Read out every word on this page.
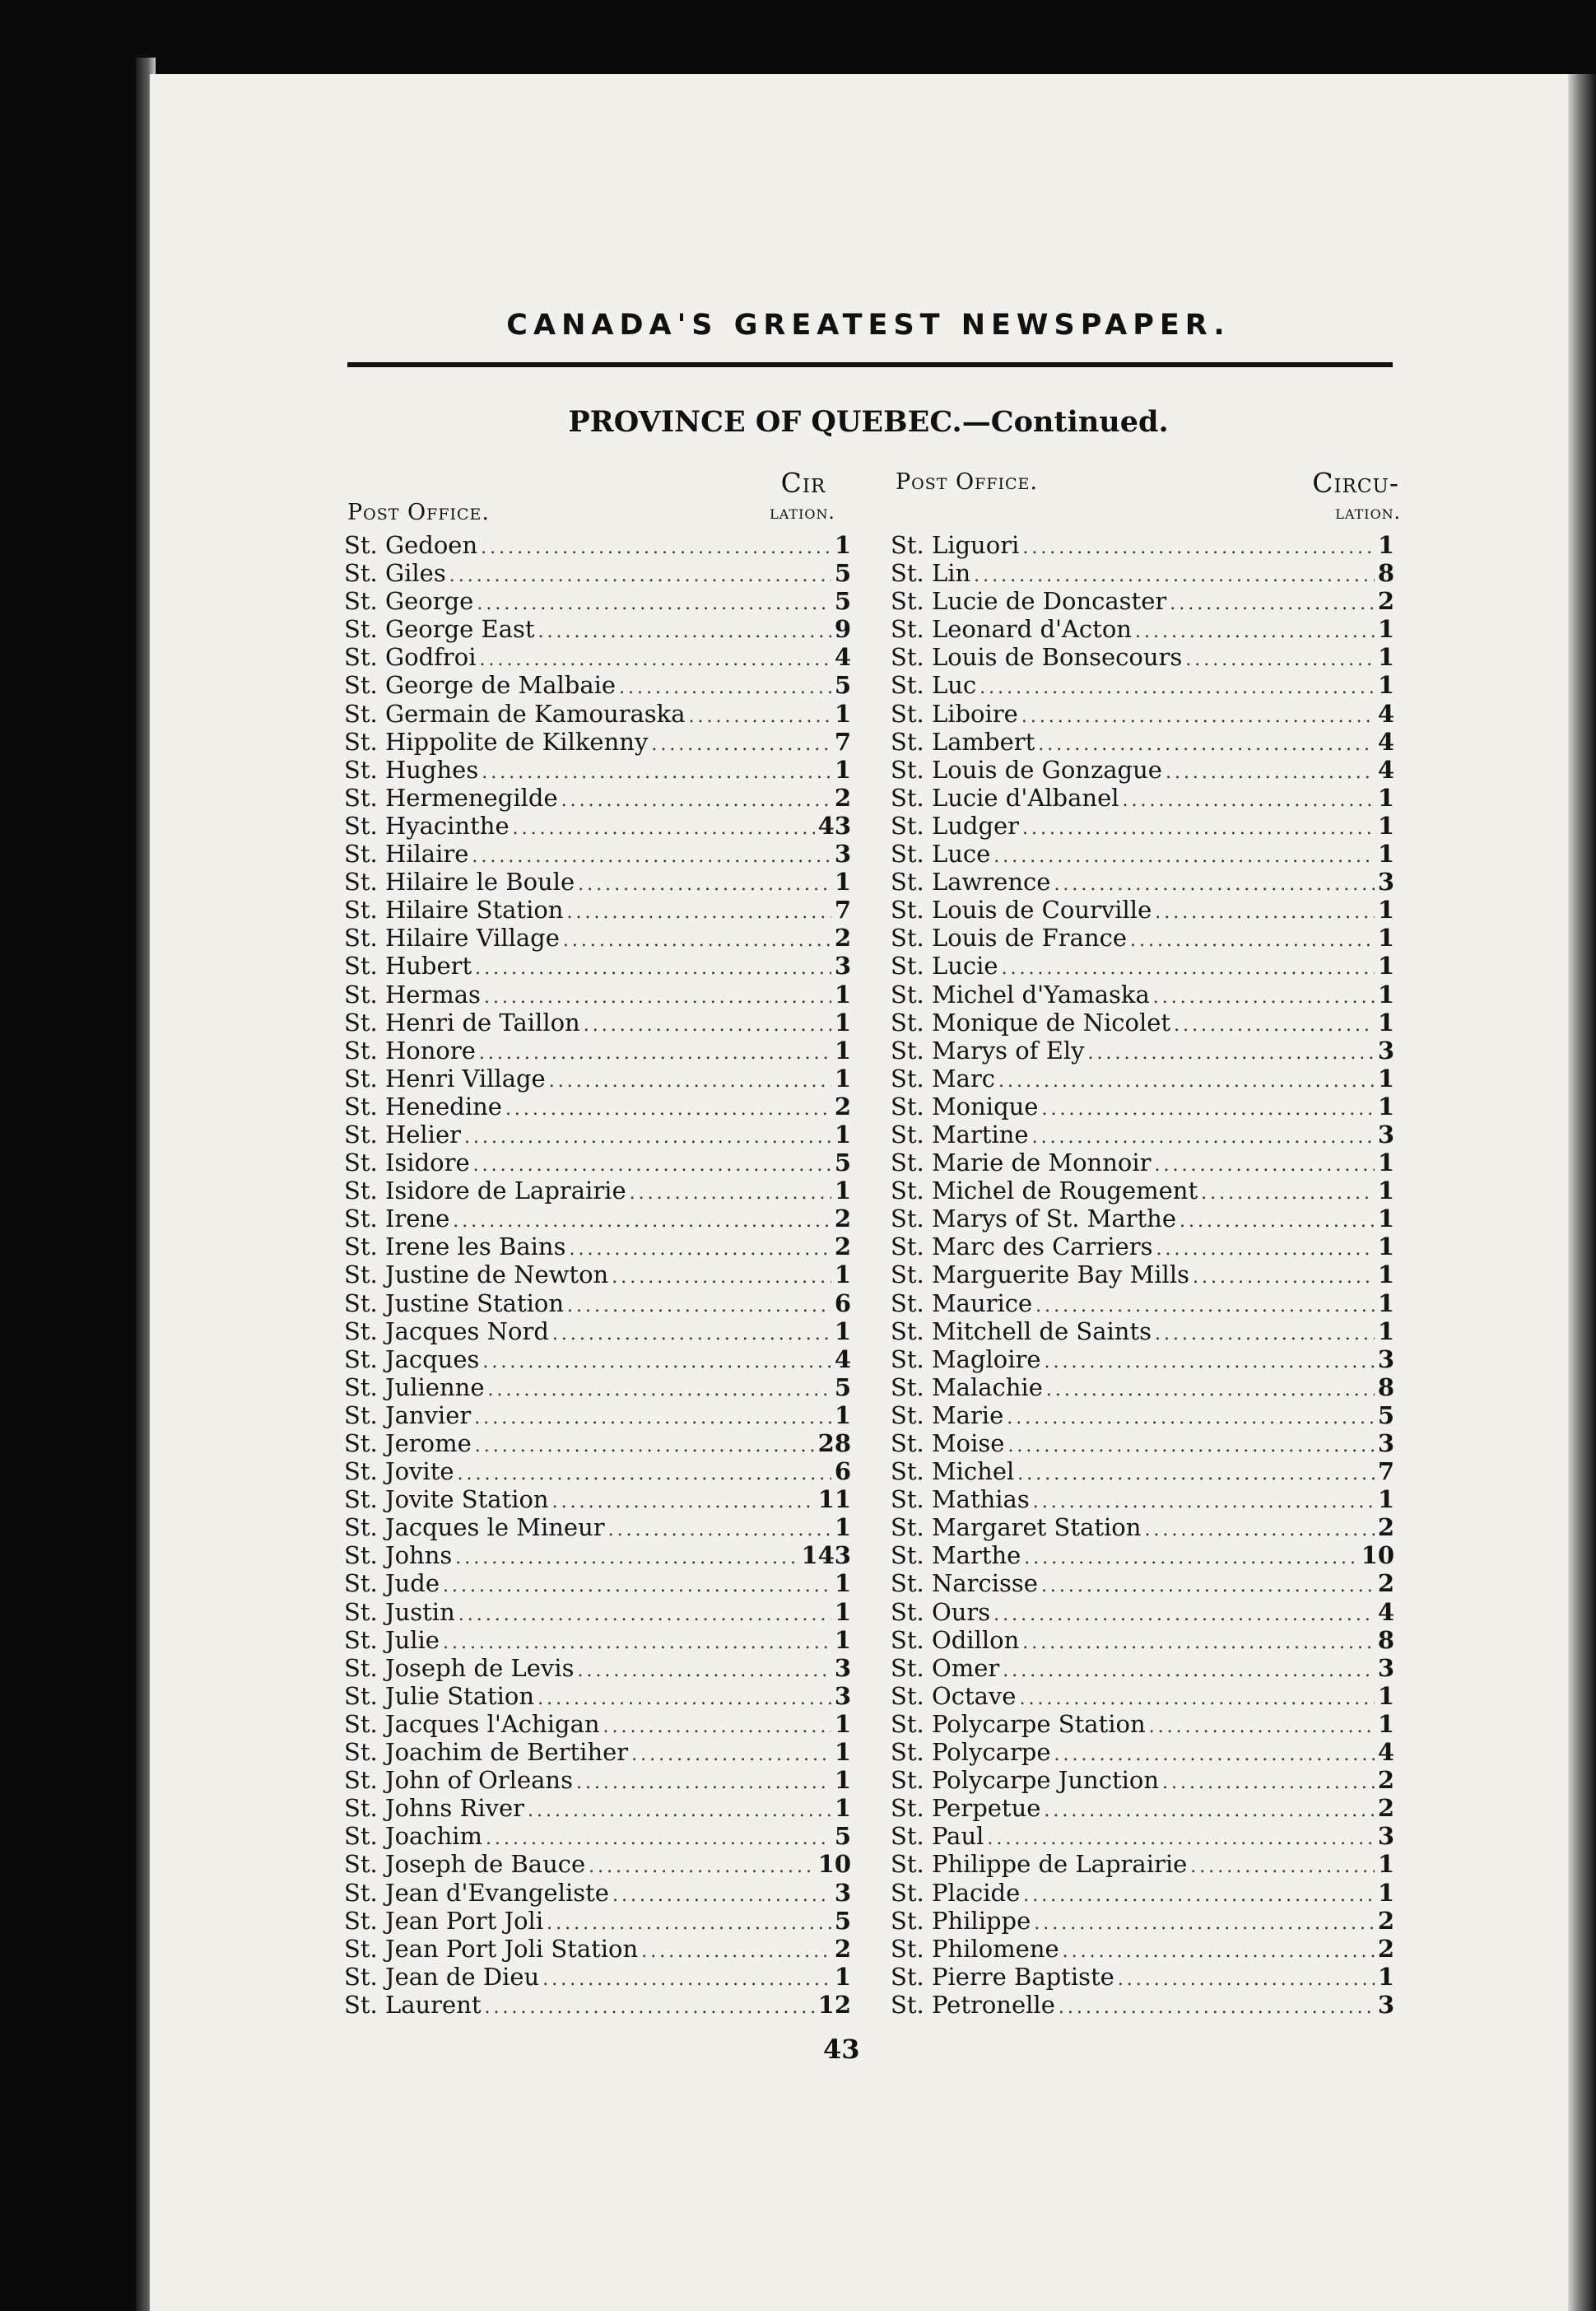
CANADA'S GREATEST NEWSPAPER.
PROVINCE OF QUEBEC.—Continued.
Post Office.
Cir
lation.
St. Gedoen .....	1
St. Giles .....	5
St. George .....	5
St. George East .....	9
St. Godfroi .....	4
St. George de Malbaie .....	5
St. Germain de Kamouraska .....	1
St. Hippolite de Kilkenny .....	7
St. Hughes .....	1
St. Hermenegilde .....	2
St. Hyacinthe .....	43
St. Hilaire .....	3
St. Hilaire le Boule .....	1
St. Hilaire Station .....	7
St. Hilaire Village .....	2
St. Hubert .....	3
St. Hermas .....	1
St. Henri de Taillon .....	1
St. Honore .....	1
St. Henri Village .....	1
St. Henedine .....	2
St. Helier .....	1
St. Isidore .....	5
St. Isidore de Laprairie .....	1
St. Irene .....	2
St. Irene les Bains .....	2
St. Justine de Newton .....	1
St. Justine Station .....	6
St. Jacques Nord .....	1
St. Jacques .....	4
St. Julienne .....	5
St. Janvier .....	1
St. Jerome .....	28
St. Jovite .....	6
St. Jovite Station .....	11
St. Jacques le Mineur .....	1
St. Johns .....	143
St. Jude .....	1
St. Justin .....	1
St. Julie .....	1
St. Joseph de Levis .....	3
St. Julie Station .....	3
St. Jacques l'Achigan .....	1
St. Joachim de Bertiher .....	1
St. John of Orleans .....	1
St. Johns River .....	1
St. Joachim .....	5
St. Joseph de Bauce .....	10
St. Jean d'Evangeliste .....	3
St. Jean Port Joli .....	5
St. Jean Port Joli Station .....	2
St. Jean de Dieu .....	1
St. Laurent .....	12
Post Office.	Circu-
lation.
St. Liguori .....	1
St. Lin .....	8
St. Lucie de Doncaster .....	2
St. Leonard d'Acton .....	1
St. Louis de Bonsecours .....	1
St. Luc .....	1
St. Liboire .....	4
St. Lambert .....	4
St. Louis de Gonzague .....	4
St. Lucie d'Albanel .....	1
St. Ludger .....	1
St. Luce .....	1
St. Lawrence .....	3
St. Louis de Courville .....	1
St. Louis de France .....	1
St. Lucie .....	1
St. Michel d'Yamaska .....	1
St. Monique de Nicolet .....	1
St. Marys of Ely .....	3
St. Marc .....	1
St. Monique .....	1
St. Martine .....	3
St. Marie de Monnoir .....	1
St. Michel de Rougement .....	1
St. Marys of St. Marthe .....	1
St. Marc des Carriers .....	1
St. Marguerite Bay Mills .....	1
St. Maurice .....	1
St. Mitchell de Saints .....	1
St. Magloire .....	3
St. Malachie .....	8
St. Marie .....	5
St. Moise .....	3
St. Michel .....	7
St. Mathias .....	1
St. Margaret Station .....	2
St. Marthe .....	10
St. Narcisse .....	2
St. Ours .....	4
St. Odillon .....	8
St. Omer .....	3
St. Octave .....	1
St. Polycarpe Station .....	1
St. Polycarpe .....	4
St. Polycarpe Junction .....	2
St. Perpetue .....	2
St. Paul .....	3
St. Philippe de Laprairie .....	1
St. Placide .....	1
St. Philippe .....	2
St. Philomene .....	2
St. Pierre Baptiste .....	1
St. Petronelle .....	3
43
